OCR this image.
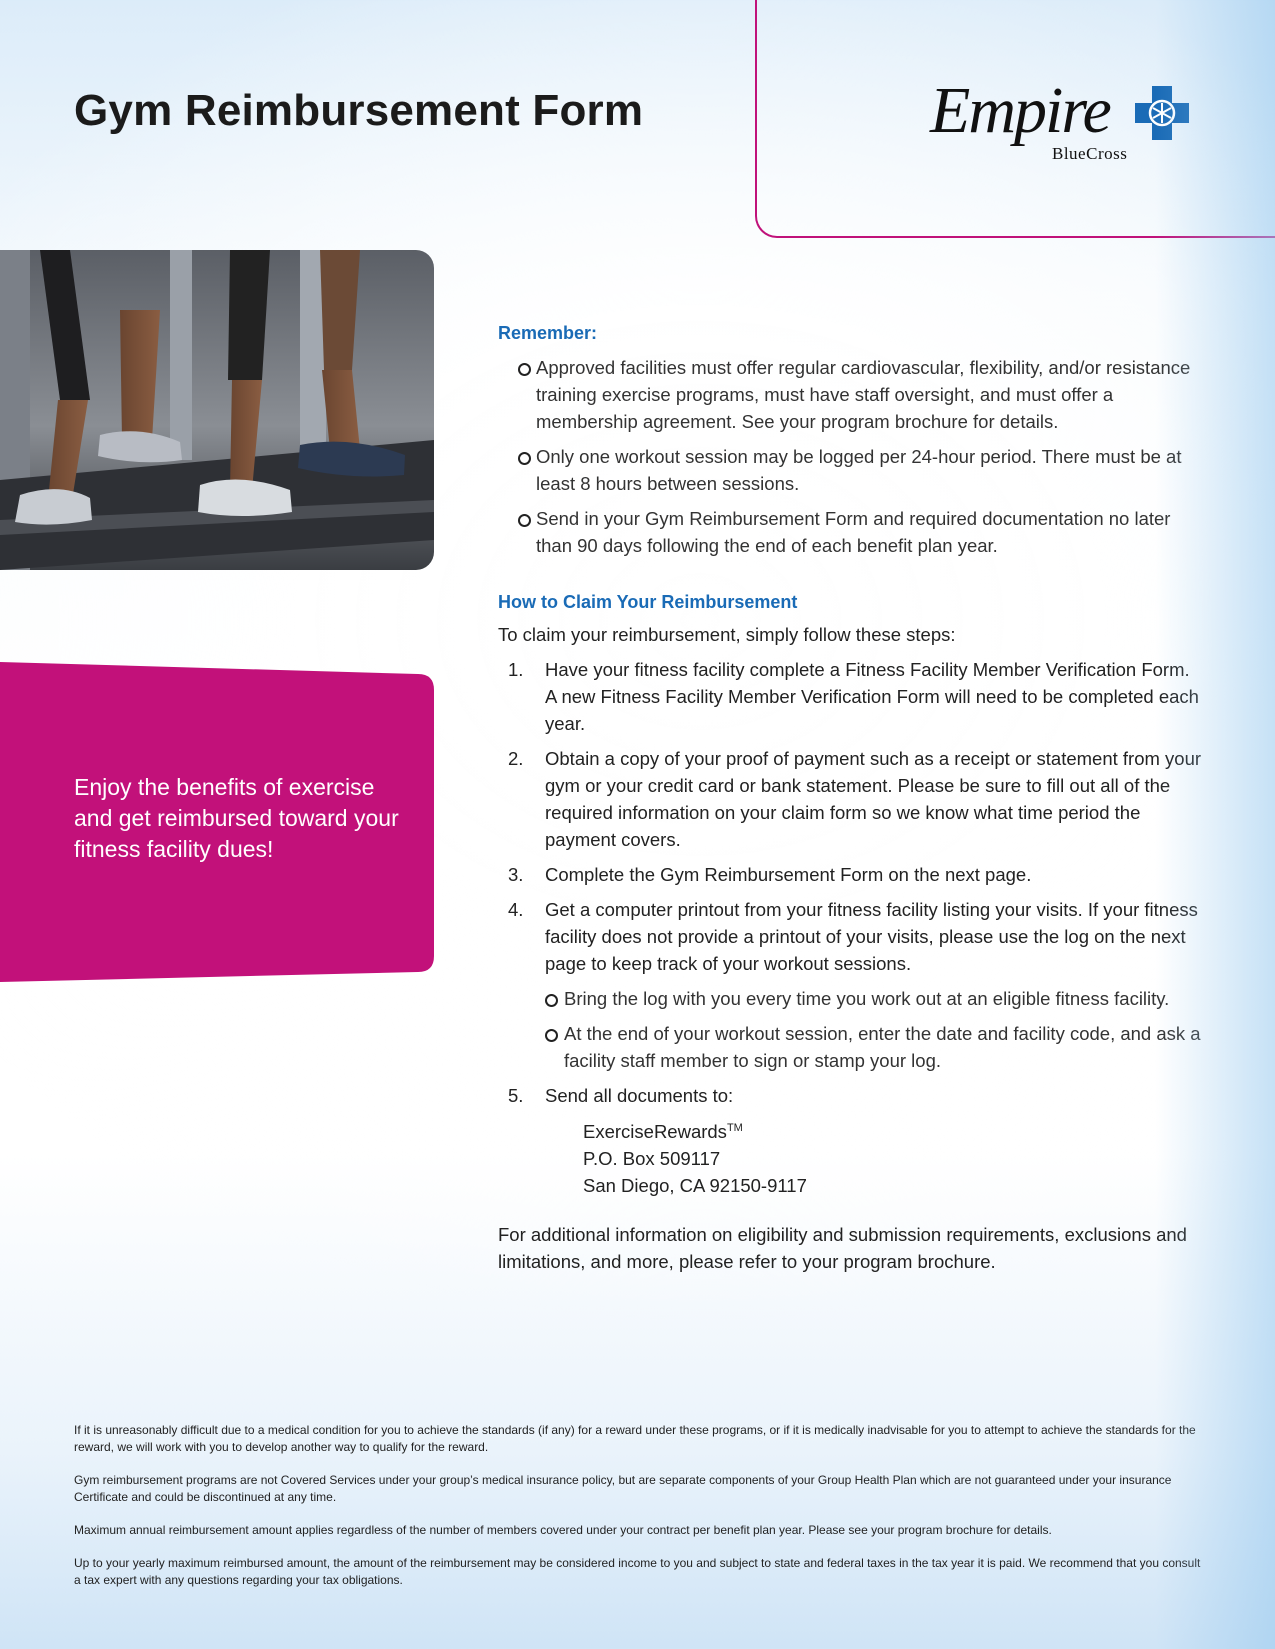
Gym Reimbursement Form	Empire
BlueCross

Enjoy the benefits of exercise and get reimbursed toward your fitness facility dues!

Remember:
Approved facilities must offer regular cardiovascular, flexibility, and/or resistance training exercise programs, must have staff oversight, and must offer a membership agreement. See your program brochure for details.
Only one workout session may be logged per 24-hour period. There must be at least 8 hours between sessions.
Send in your Gym Reimbursement Form and required documentation no later than 90 days following the end of each benefit plan year.
How to Claim Your Reimbursement

To claim your reimbursement, simply follow these steps:

1. Have your fitness facility complete a Fitness Facility Member Verification Form. A new Fitness Facility Member Verification Form will need to be completed each year.
2. Obtain a copy of your proof of payment such as a receipt or statement from your gym or your credit card or bank statement. Please be sure to fill out all of the required information on your claim form so we know what time period the payment covers.
3. Complete the Gym Reimbursement Form on the next page.
4. Get a computer printout from your fitness facility listing your visits. If your fitness facility does not provide a printout of your visits, please use the log on the next page to keep track of your workout sessions.
Bring the log with you every time you work out at an eligible fitness facility.
At the end of your workout session, enter the date and facility code, and ask a facility staff member to sign or stamp your log.
5. Send all documents to:
ExerciseRewards™
P.O. Box 509117
San Diego, CA 92150-9117

For additional information on eligibility and submission requirements, exclusions and limitations, and more, please refer to your program brochure.

If it is unreasonably difficult due to a medical condition for you to achieve the standards (if any) for a reward under these programs, or if it is medically inadvisable for you to attempt to achieve the standards for the reward, we will work with you to develop another way to qualify for the reward.

Gym reimbursement programs are not Covered Services under your group’s medical insurance policy, but are separate components of your Group Health Plan which are not guaranteed under your insurance Certificate and could be discontinued at any time.

Maximum annual reimbursement amount applies regardless of the number of members covered under your contract per benefit plan year. Please see your program brochure for details.

Up to your yearly maximum reimbursed amount, the amount of the reimbursement may be considered income to you and subject to state and federal taxes in the tax year it is paid. We recommend that you consult a tax expert with any questions regarding your tax obligations.
